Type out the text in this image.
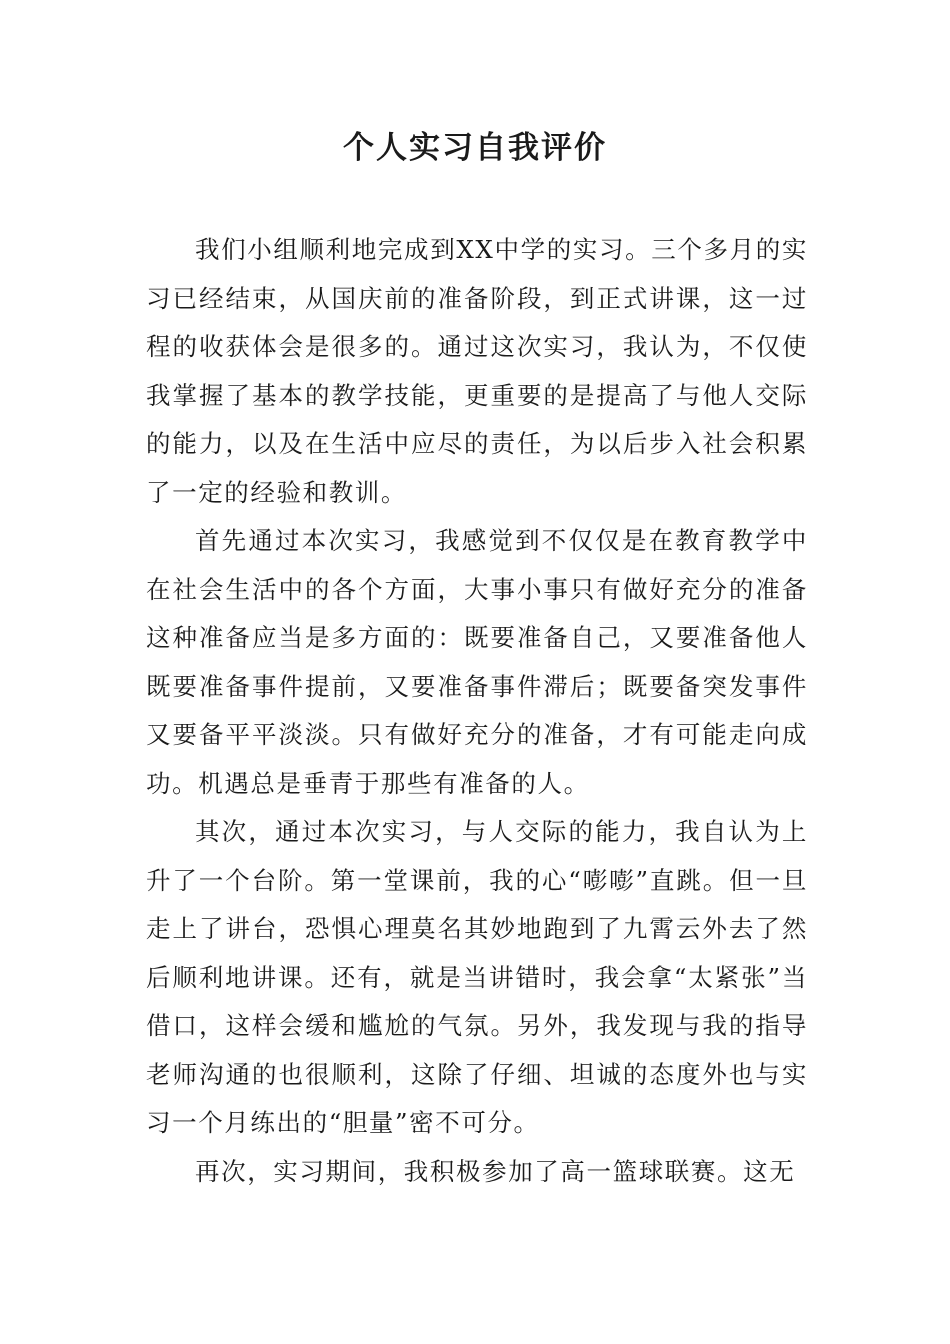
个人实习自我评价

我们小组顺利地完成到XX中学的实习。三个多月的实习已经结束，从国庆前的准备阶段，到正式讲课，这一过程的收获体会是很多的。通过这次实习，我认为，不仅使我掌握了基本的教学技能，更重要的是提高了与他人交际的能力，以及在生活中应尽的责任，为以后步入社会积累了一定的经验和教训。

首先通过本次实习，我感觉到不仅仅是在教育教学中在社会生活中的各个方面，大事小事只有做好充分的准备这种准备应当是多方面的：既要准备自己，又要准备他人既要准备事件提前，又要准备事件滞后；既要备突发事件又要备平平淡淡。只有做好充分的准备，才有可能走向成功。机遇总是垂青于那些有准备的人。

其次，通过本次实习，与人交际的能力，我自认为上升了一个台阶。第一堂课前，我的心“嘭嘭”直跳。但一旦走上了讲台，恐惧心理莫名其妙地跑到了九霄云外去了然后顺利地讲课。还有，就是当讲错时，我会拿“太紧张”当借口，这样会缓和尴尬的气氛。另外，我发现与我的指导老师沟通的也很顺利，这除了仔细、坦诚的态度外也与实习一个月练出的“胆量”密不可分。

再次，实习期间，我积极参加了高一篮球联赛。这无
